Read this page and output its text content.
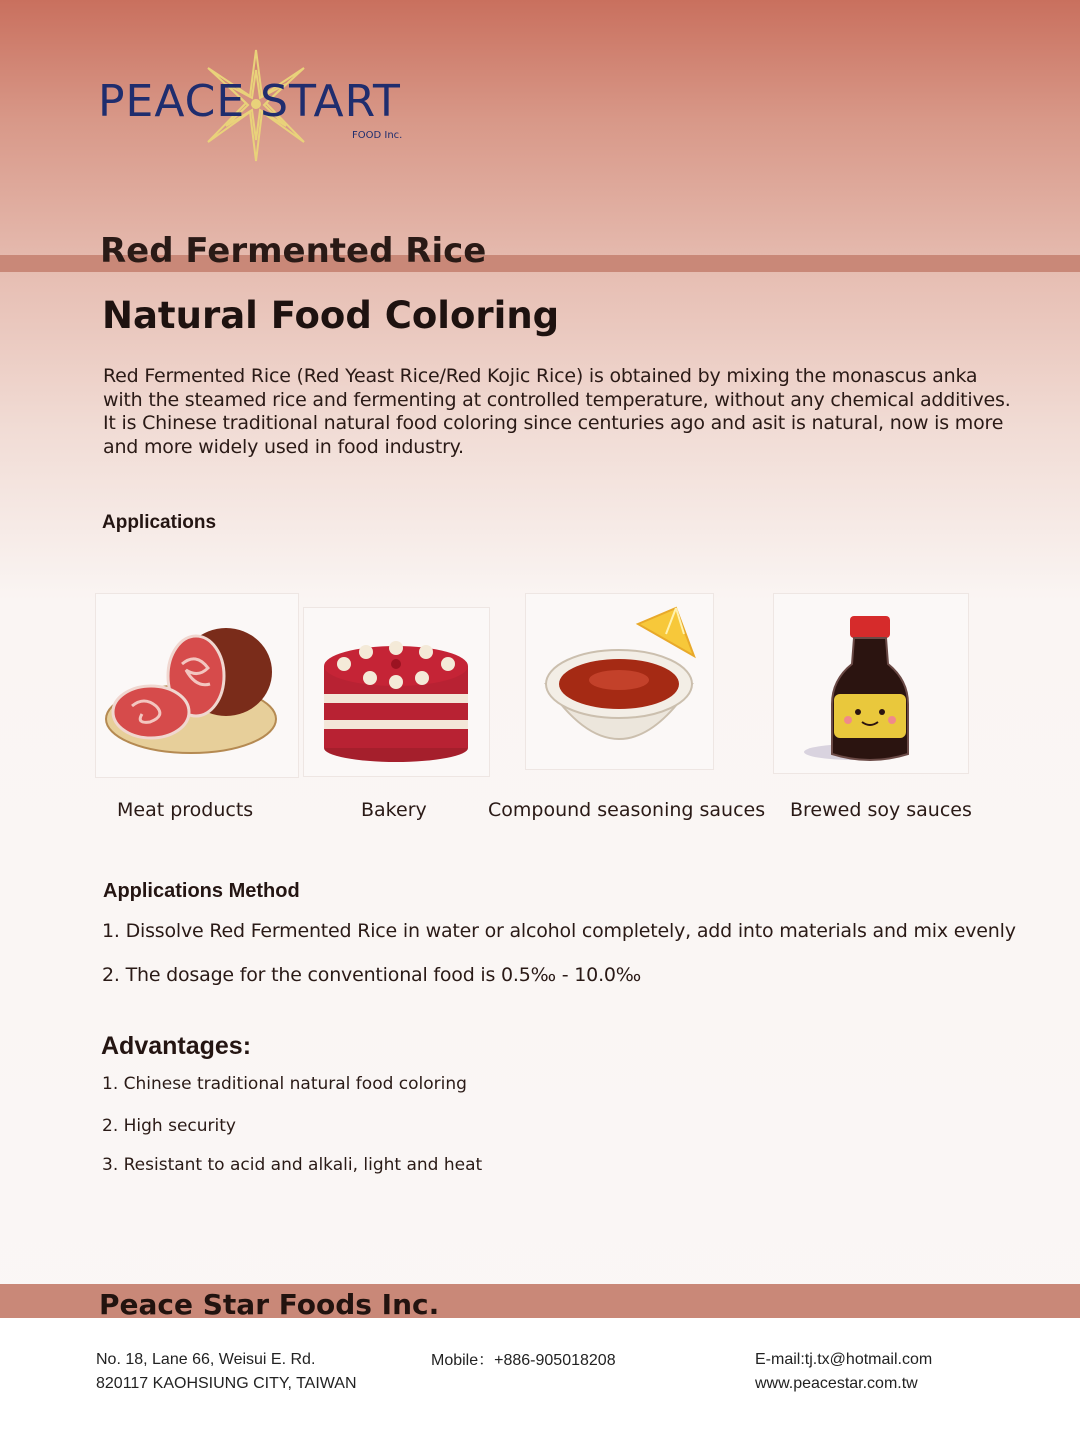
PEACE START
FOOD Inc.
Red Fermented Rice
Natural Food Coloring
Red Fermented Rice (Red Yeast Rice/Red Kojic Rice) is obtained by mixing the monascus anka
with the steamed rice and fermenting at controlled temperature, without any chemical additives.
It is Chinese traditional natural food coloring since centuries ago and asit is natural, now is more
and more widely used in food industry.
Applications
Meat products	Bakery	Compound seasoning sauces Brewed soy sauces
Applications Method
1. Dissolve Red Fermented Rice in water or alcohol completely, add into materials and mix evenly
2. The dosage for the conventional food is 0.5‰ - 10.0‰
Advantages:
1. Chinese traditional natural food coloring
2. High security
3. Resistant to acid and alkali, light and heat
Peace Star Foods Inc.
No. 18, Lane 66, Weisui E. Rd.
820117 KAOHSIUNG CITY, TAIWAN
Mobile：+886-905018208	E-mail:tj.tx@hotmail.com
www.peacestar.com.tw
